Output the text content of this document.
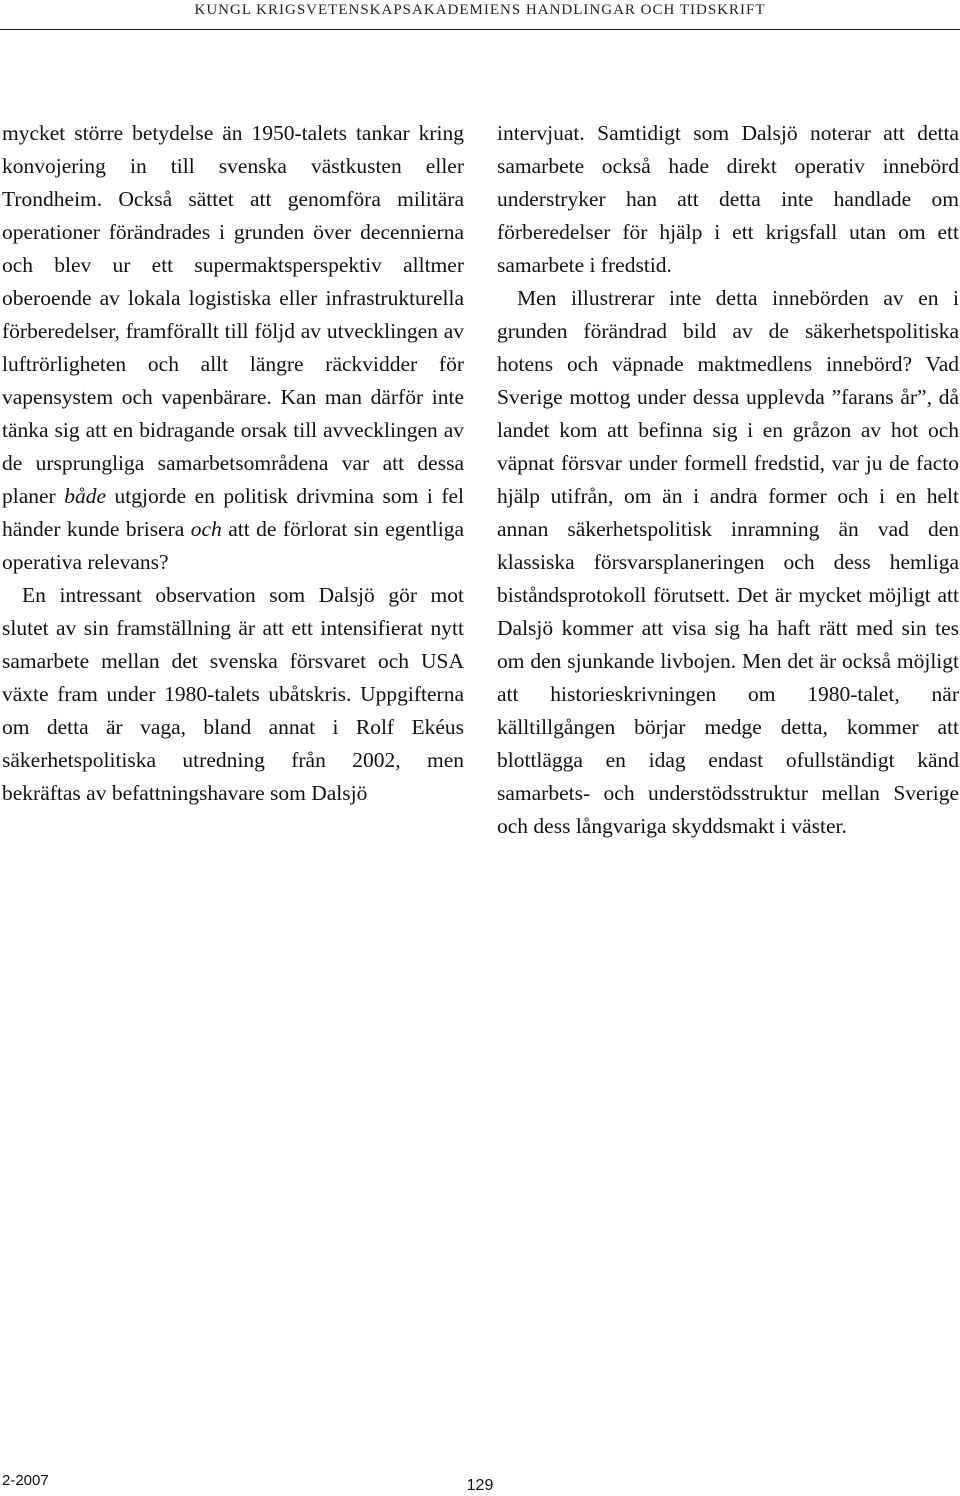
KUNGL KRIGSVETENSKAPSAKADEMIENS HANDLINGAR OCH TIDSKRIFT

mycket större betydelse än 1950-talets tankar kring konvojering in till svenska västkusten eller Trondheim. Också sättet att genomföra militära operationer förändrades i grunden över decennierna och blev ur ett supermaktsperspektiv alltmer oberoende av lokala logistiska eller infrastrukturella förberedelser, framförallt till följd av utvecklingen av luftrörligheten och allt längre räckvidder för vapensystem och vapenbärare. Kan man därför inte tänka sig att en bidragande orsak till avvecklingen av de ursprungliga samarbetsområdena var att dessa planer både utgjorde en politisk drivmina som i fel händer kunde brisera och att de förlorat sin egentliga operativa relevans?

En intressant observation som Dalsjö gör mot slutet av sin framställning är att ett intensifierat nytt samarbete mellan det svenska försvaret och USA växte fram under 1980-talets ubåtskris. Uppgifterna om detta är vaga, bland annat i Rolf Ekéus säkerhetspolitiska utredning från 2002, men bekräftas av befattningshavare som Dalsjö

intervjuat. Samtidigt som Dalsjö noterar att detta samarbete också hade direkt operativ innebörd understryker han att detta inte handlade om förberedelser för hjälp i ett krigsfall utan om ett samarbete i fredstid.

Men illustrerar inte detta innebörden av en i grunden förändrad bild av de säkerhetspolitiska hotens och väpnade maktmedlens innebörd? Vad Sverige mottog under dessa upplevda ”farans år”, då landet kom att befinna sig i en gråzon av hot och väpnat försvar under formell fredstid, var ju de facto hjälp utifrån, om än i andra former och i en helt annan säkerhetspolitisk inramning än vad den klassiska försvarsplaneringen och dess hemliga biståndsprotokoll förutsett. Det är mycket möjligt att Dalsjö kommer att visa sig ha haft rätt med sin tes om den sjunkande livbojen. Men det är också möjligt att historieskrivningen om 1980-talet, när källtillgången börjar medge detta, kommer att blottlägga en idag endast ofullständigt känd samarbets- och understödsstruktur mellan Sverige och dess långvariga skyddsmakt i väster.

2-2007	129
